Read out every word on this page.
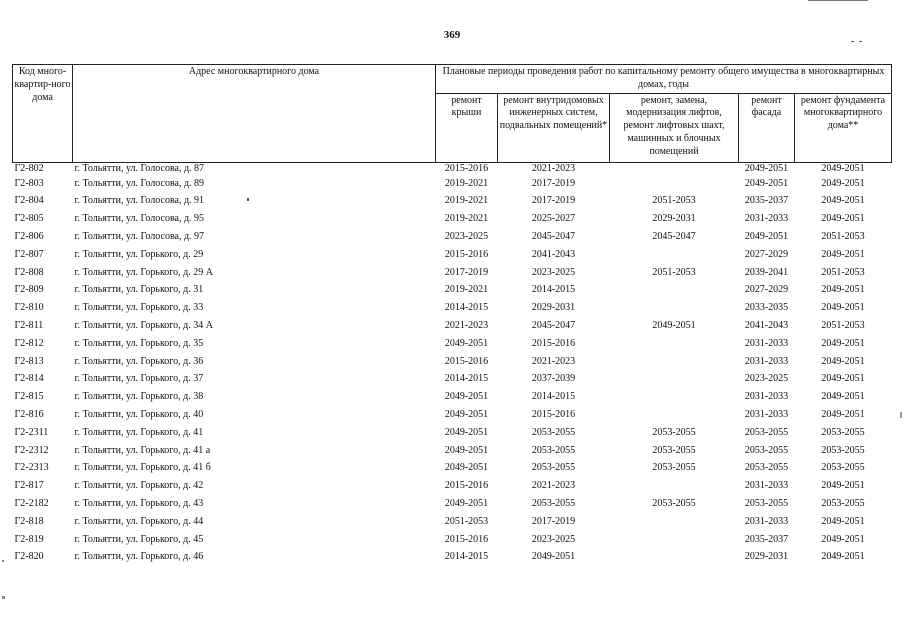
369
- -
Код много-квартир-ного дома	Адрес многоквартирного дома	Плановые периоды проведения работ по капитальному ремонту общего имущества в многоквартирных домах, годы				
		ремонт крыши	ремонт внутридомовых инженерных систем, подвальных помещений*	ремонт, замена, модернизация лифтов, ремонт лифтовых шахт, машинных и блочных помещений	ремонт фасада	ремонт фундамента многоквартирного дома**
Г2-802	г. Тольятти, ул. Голосова, д. 87	2015-2016	2021-2023		2049-2051	2049-2051
Г2-803	г. Тольятти, ул. Голосова, д. 89	2019-2021	2017-2019		2049-2051	2049-2051
Г2-804	г. Тольятти, ул. Голосова, д. 91	2019-2021	2017-2019	2051-2053	2035-2037	2049-2051
Г2-805	г. Тольятти, ул. Голосова, д. 95	2019-2021	2025-2027	2029-2031	2031-2033	2049-2051
Г2-806	г. Тольятти, ул. Голосова, д. 97	2023-2025	2045-2047	2045-2047	2049-2051	2051-2053
Г2-807	г. Тольятти, ул. Горького, д. 29	2015-2016	2041-2043		2027-2029	2049-2051
Г2-808	г. Тольятти, ул. Горького, д. 29 А	2017-2019	2023-2025	2051-2053	2039-2041	2051-2053
Г2-809	г. Тольятти, ул. Горького, д. 31	2019-2021	2014-2015		2027-2029	2049-2051
Г2-810	г. Тольятти, ул. Горького, д. 33	2014-2015	2029-2031		2033-2035	2049-2051
Г2-811	г. Тольятти, ул. Горького, д. 34 А	2021-2023	2045-2047	2049-2051	2041-2043	2051-2053
Г2-812	г. Тольятти, ул. Горького, д. 35	2049-2051	2015-2016		2031-2033	2049-2051
Г2-813	г. Тольятти, ул. Горького, д. 36	2015-2016	2021-2023		2031-2033	2049-2051
Г2-814	г. Тольятти, ул. Горького, д. 37	2014-2015	2037-2039		2023-2025	2049-2051
Г2-815	г. Тольятти, ул. Горького, д. 38	2049-2051	2014-2015		2031-2033	2049-2051
Г2-816	г. Тольятти, ул. Горького, д. 40	2049-2051	2015-2016		2031-2033	2049-2051
Г2-2311	г. Тольятти, ул. Горького, д. 41	2049-2051	2053-2055	2053-2055	2053-2055	2053-2055
Г2-2312	г. Тольятти, ул. Горького, д. 41 а	2049-2051	2053-2055	2053-2055	2053-2055	2053-2055
Г2-2313	г. Тольятти, ул. Горького, д. 41 б	2049-2051	2053-2055	2053-2055	2053-2055	2053-2055
Г2-817	г. Тольятти, ул. Горького, д. 42	2015-2016	2021-2023		2031-2033	2049-2051
Г2-2182	г. Тольятти, ул. Горького, д. 43	2049-2051	2053-2055	2053-2055	2053-2055	2053-2055
Г2-818	г. Тольятти, ул. Горького, д. 44	2051-2053	2017-2019		2031-2033	2049-2051
Г2-819	г. Тольятти, ул. Горького, д. 45	2015-2016	2023-2025		2035-2037	2049-2051
Г2-820	г. Тольятти, ул. Горького, д. 46	2014-2015	2049-2051		2029-2031	2049-2051
